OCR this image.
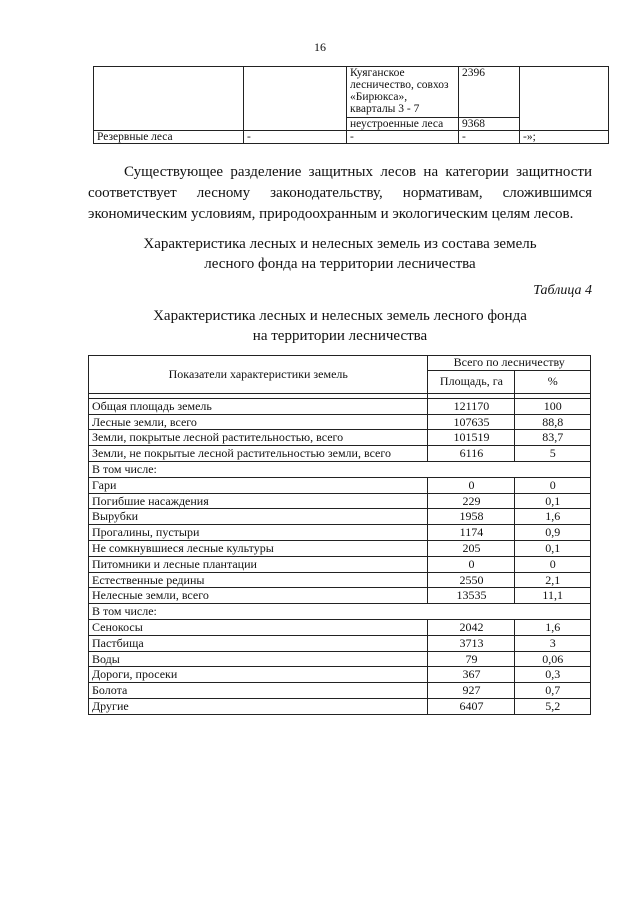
16
		Куяганское лесничество, совхоз «Бирюкса», кварталы 3 - 7	2396	
		неустроенные леса	9368	
Резервные леса	-	-	-	-»;

Существующее разделение защитных лесов на категории защитности соответствует лесному законодательству, нормативам, сложившимся экономическим условиям, природоохранным и экологическим целям лесов.

Характеристика лесных и нелесных земель из состава земель
лесного фонда на территории лесничества
Таблица 4
Характеристика лесных и нелесных земель лесного фонда
на территории лесничества
Показатели характеристики земель	Всего по лесничеству	
	Площадь, га	%

Общая площадь земель	121170	100
Лесные земли, всего	107635	88,8
Земли, покрытые лесной растительностью, всего	101519	83,7
Земли, не покрытые лесной растительностью земли, всего	6116	5
В том числе:		
Гари	0	0
Погибшие насаждения	229	0,1
Вырубки	1958	1,6
Прогалины, пустыри	1174	0,9
Не сомкнувшиеся лесные культуры	205	0,1
Питомники и лесные плантации	0	0
Естественные редины	2550	2,1
Нелесные земли, всего	13535	11,1
В том числе:		
Сенокосы	2042	1,6
Пастбища	3713	3
Воды	79	0,06
Дороги, просеки	367	0,3
Болота	927	0,7
Другие	6407	5,2
